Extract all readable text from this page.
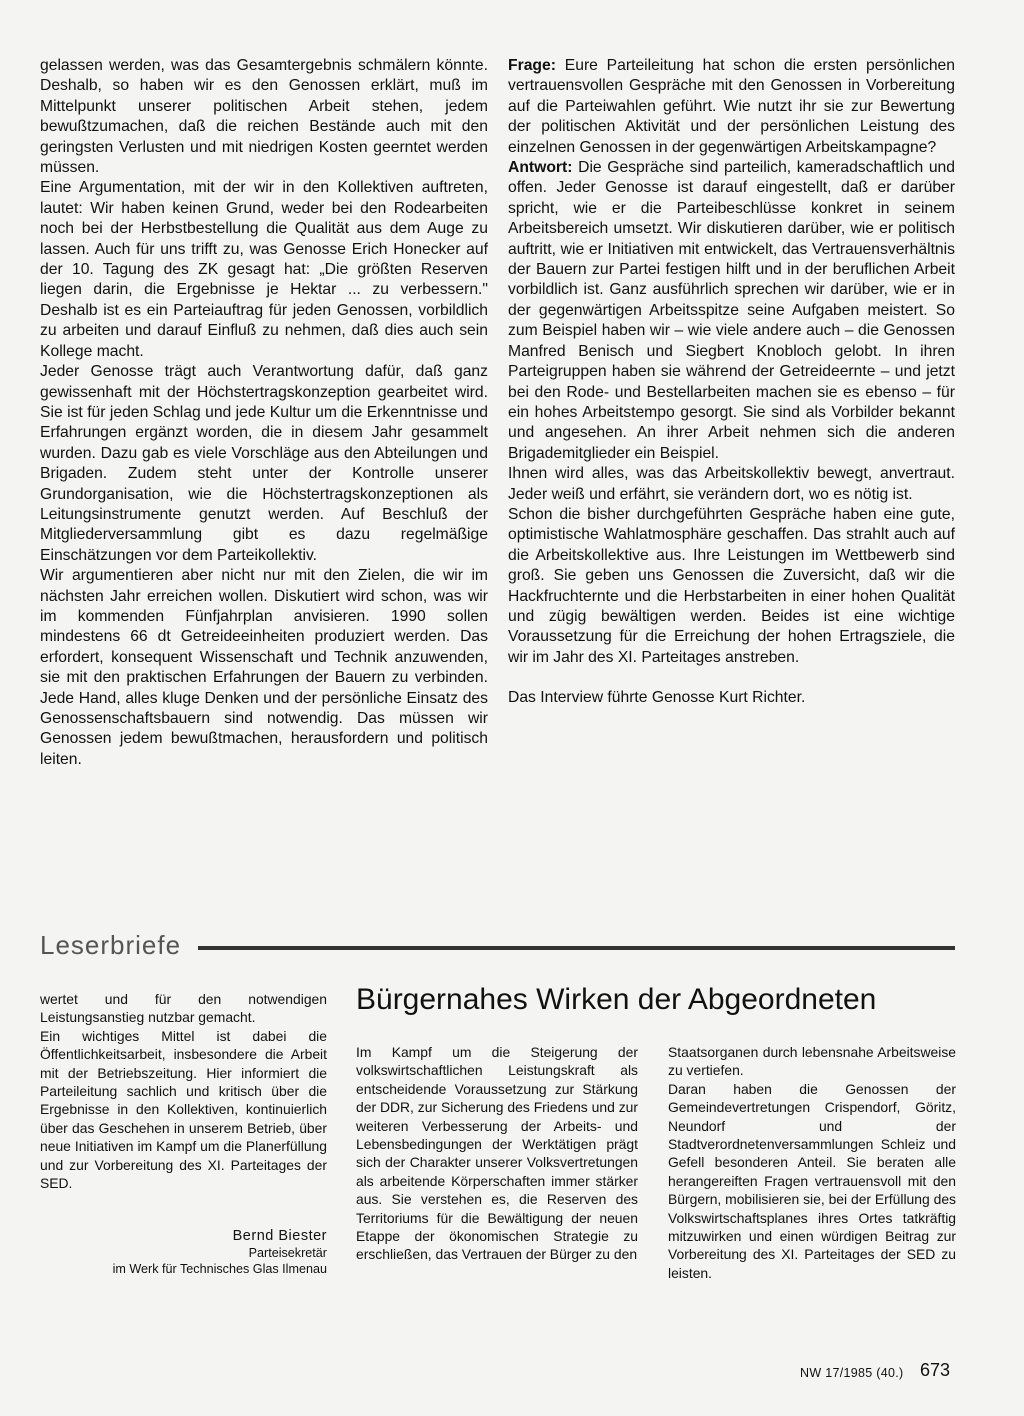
gelassen werden, was das Gesamtergebnis schmälern könnte. Deshalb, so haben wir es den Genossen erklärt, muß im Mittelpunkt unserer politischen Arbeit stehen, jedem bewußtzumachen, daß die reichen Bestände auch mit den geringsten Verlusten und mit niedrigen Kosten geerntet werden müssen.

Eine Argumentation, mit der wir in den Kollektiven auftreten, lautet: Wir haben keinen Grund, weder bei den Rodearbeiten noch bei der Herbstbestellung die Qualität aus dem Auge zu lassen. Auch für uns trifft zu, was Genosse Erich Honecker auf der 10. Tagung des ZK gesagt hat: „Die größten Reserven liegen darin, die Ergebnisse je Hektar ... zu verbessern." Deshalb ist es ein Parteiauftrag für jeden Genossen, vorbildlich zu arbeiten und darauf Einfluß zu nehmen, daß dies auch sein Kollege macht.

Jeder Genosse trägt auch Verantwortung dafür, daß ganz gewissenhaft mit der Höchstertragskonzeption gearbeitet wird. Sie ist für jeden Schlag und jede Kultur um die Erkenntnisse und Erfahrungen ergänzt worden, die in diesem Jahr gesammelt wurden. Dazu gab es viele Vorschläge aus den Abteilungen und Brigaden. Zudem steht unter der Kontrolle unserer Grundorganisation, wie die Höchstertragskonzeptionen als Leitungsinstrumente genutzt werden. Auf Beschluß der Mitgliederversammlung gibt es dazu regelmäßige Einschätzungen vor dem Parteikollektiv.

Wir argumentieren aber nicht nur mit den Zielen, die wir im nächsten Jahr erreichen wollen. Diskutiert wird schon, was wir im kommenden Fünfjahrplan anvisieren. 1990 sollen mindestens 66 dt Getreideeinheiten produziert werden. Das erfordert, konsequent Wissenschaft und Technik anzuwenden, sie mit den praktischen Erfahrungen der Bauern zu verbinden. Jede Hand, alles kluge Denken und der persönliche Einsatz des Genossenschaftsbauern sind notwendig. Das müssen wir Genossen jedem bewußtmachen, herausfordern und politisch leiten.

Frage: Eure Parteileitung hat schon die ersten persönlichen vertrauensvollen Gespräche mit den Genossen in Vorbereitung auf die Parteiwahlen geführt. Wie nutzt ihr sie zur Bewertung der politischen Aktivität und der persönlichen Leistung des einzelnen Genossen in der gegenwärtigen Arbeitskampagne?

Antwort: Die Gespräche sind parteilich, kameradschaftlich und offen. Jeder Genosse ist darauf eingestellt, daß er darüber spricht, wie er die Parteibeschlüsse konkret in seinem Arbeitsbereich umsetzt. Wir diskutieren darüber, wie er politisch auftritt, wie er Initiativen mit entwickelt, das Vertrauensverhältnis der Bauern zur Partei festigen hilft und in der beruflichen Arbeit vorbildlich ist. Ganz ausführlich sprechen wir darüber, wie er in der gegenwärtigen Arbeitsspitze seine Aufgaben meistert. So zum Beispiel haben wir – wie viele andere auch – die Genossen Manfred Benisch und Siegbert Knobloch gelobt. In ihren Parteigruppen haben sie während der Getreideernte – und jetzt bei den Rode- und Bestellarbeiten machen sie es ebenso – für ein hohes Arbeitstempo gesorgt. Sie sind als Vorbilder bekannt und angesehen. An ihrer Arbeit nehmen sich die anderen Brigademitglieder ein Beispiel.

Ihnen wird alles, was das Arbeitskollektiv bewegt, anvertraut. Jeder weiß und erfährt, sie verändern dort, wo es nötig ist.

Schon die bisher durchgeführten Gespräche haben eine gute, optimistische Wahlatmosphäre geschaffen. Das strahlt auch auf die Arbeitskollektive aus. Ihre Leistungen im Wettbewerb sind groß. Sie geben uns Genossen die Zuversicht, daß wir die Hackfruchternte und die Herbstarbeiten in einer hohen Qualität und zügig bewältigen werden. Beides ist eine wichtige Voraussetzung für die Erreichung der hohen Ertragsziele, die wir im Jahr des XI. Parteitages anstreben.

Das Interview führte Genosse Kurt Richter.

Leserbriefe

wertet und für den notwendigen Leistungsanstieg nutzbar gemacht.

Ein wichtiges Mittel ist dabei die Öffentlichkeitsarbeit, insbesondere die Arbeit mit der Betriebszeitung. Hier informiert die Parteileitung sachlich und kritisch über die Ergebnisse in den Kollektiven, kontinuierlich über das Geschehen in unserem Betrieb, über neue Initiativen im Kampf um die Planerfüllung und zur Vorbereitung des XI. Parteitages der SED.

Bernd Biester
Parteisekretär
im Werk für Technisches Glas Ilmenau
Bürgernahes Wirken der Abgeordneten

Im Kampf um die Steigerung der volkswirtschaftlichen Leistungskraft als entscheidende Voraussetzung zur Stärkung der DDR, zur Sicherung des Friedens und zur weiteren Verbesserung der Arbeits- und Lebensbedingungen der Werktätigen prägt sich der Charakter unserer Volksvertretungen als arbeitende Körperschaften immer stärker aus. Sie verstehen es, die Reserven des Territoriums für die Bewältigung der neuen Etappe der ökonomischen Strategie zu erschließen, das Vertrauen der Bürger zu den

Staatsorganen durch lebensnahe Arbeitsweise zu vertiefen.

Daran haben die Genossen der Gemeindevertretungen Crispendorf, Göritz, Neundorf und der Stadtverordnetenversammlungen Schleiz und Gefell besonderen Anteil. Sie beraten alle herangereiften Fragen vertrauensvoll mit den Bürgern, mobilisieren sie, bei der Erfüllung des Volkswirtschaftsplanes ihres Ortes tatkräftig mitzuwirken und einen würdigen Beitrag zur Vorbereitung des XI. Parteitages der SED zu leisten.

NW 17/1985 (40.) 673
